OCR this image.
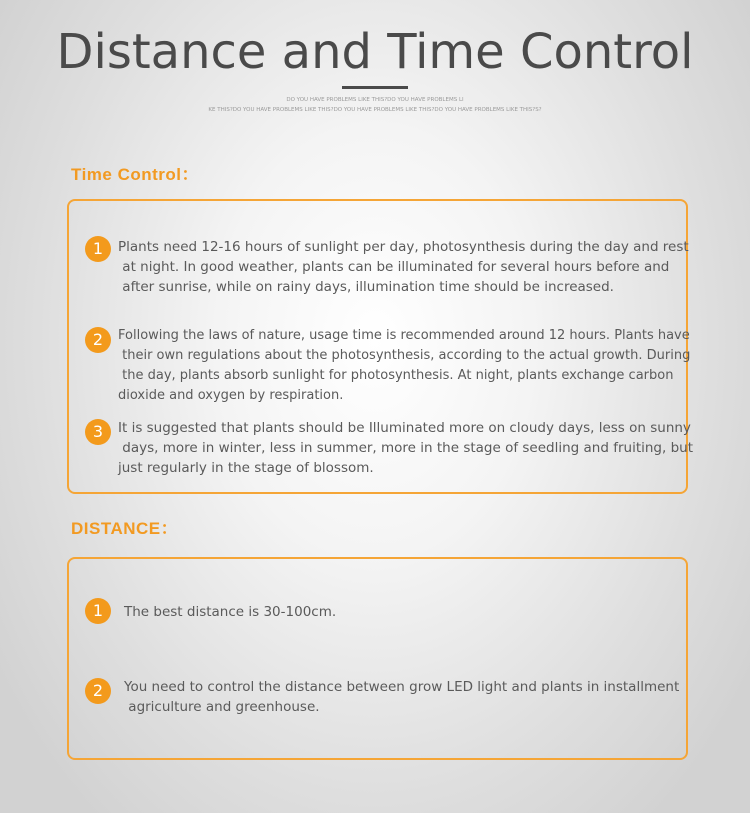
Distance and Time Control
DO YOU HAVE PROBLEMS LIKE THIS?DO YOU HAVE PROBLEMS LI
KE THIS?DO YOU HAVE PROBLEMS LIKE THIS?DO YOU HAVE PROBLEMS LIKE THIS?DO YOU HAVE PROBLEMS LIKE THIS?S?
Time Control：
1	Plants need 12-16 hours of sunlight per day, photosynthesis during the day and rest
at night. In good weather, plants can be illuminated for several hours before and
after sunrise, while on rainy days, illumination time should be increased.
2	Following the laws of nature, usage time is recommended around 12 hours. Plants have
their own regulations about the photosynthesis, according to the actual growth. During
the day, plants absorb sunlight for photosynthesis. At night, plants exchange carbon
dioxide and oxygen by respiration.
3	It is suggested that plants should be Illuminated more on cloudy days, less on sunny
days, more in winter, less in summer, more in the stage of seedling and fruiting, but
just regularly in the stage of blossom.
DISTANCE：
1	The best distance is 30-100cm.
2	You need to control the distance between grow LED light and plants in installment
agriculture and greenhouse.
